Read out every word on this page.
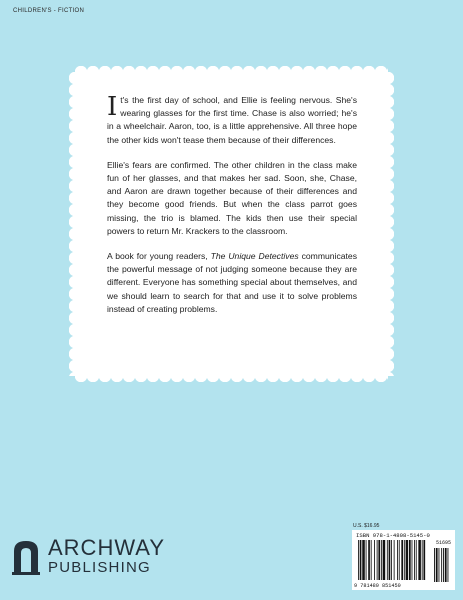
CHILDREN'S - FICTION

It's the first day of school, and Ellie is feeling nervous. She's wearing glasses for the first time. Chase is also worried; he's in a wheelchair. Aaron, too, is a little apprehensive. All three hope the other kids won't tease them because of their differences.

Ellie's fears are confirmed. The other children in the class make fun of her glasses, and that makes her sad. Soon, she, Chase, and Aaron are drawn together because of their differences and they become good friends. But when the class parrot goes missing, the trio is blamed. The kids then use their special powers to return Mr. Krackers to the classroom.

A book for young readers, The Unique Detectives communicates the powerful message of not judging someone because they are different. Everyone has something special about themselves, and we should learn to search for that and use it to solve problems instead of creating problems.

ARCHWAY
PUBLISHING
U.S. $16.95
ISBN 978-1-4808-5145-0
9 781480 851450
51695
